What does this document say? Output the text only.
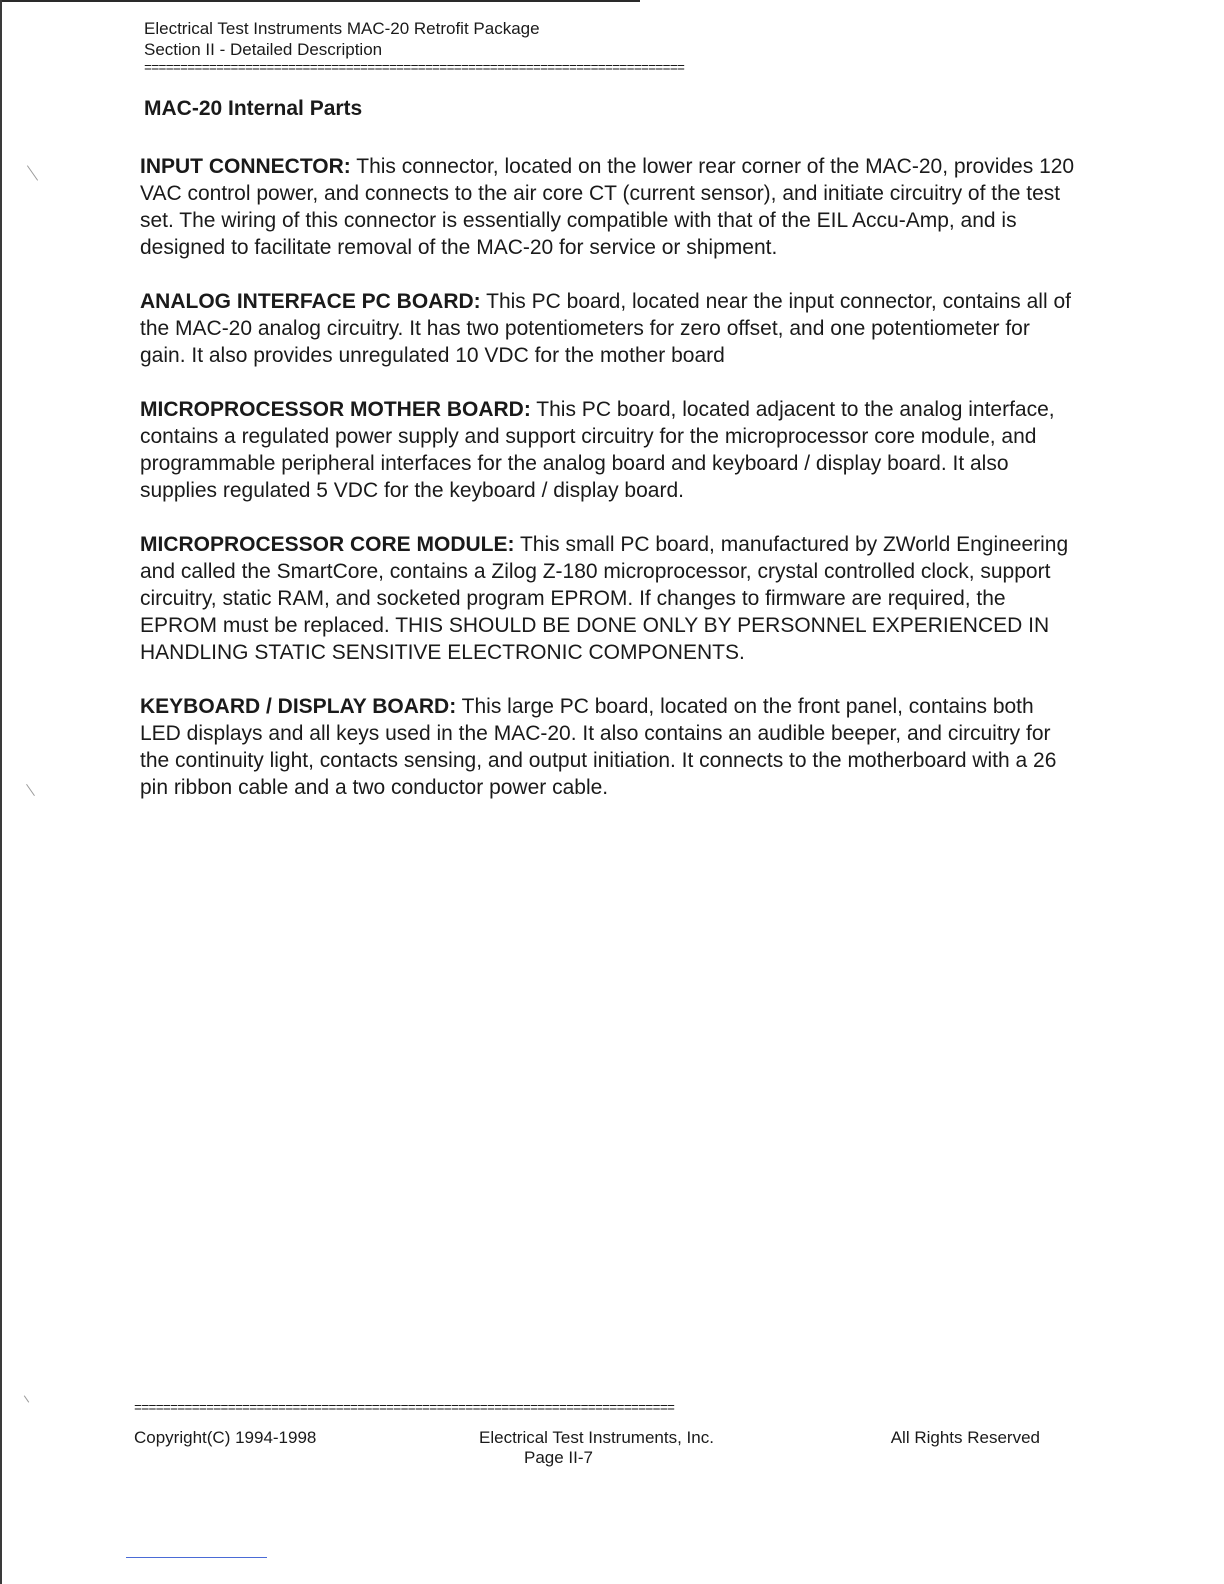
Electrical Test Instruments MAC-20 Retrofit Package
Section II - Detailed Description
===========================================================================
MAC-20 Internal Parts

INPUT CONNECTOR: This connector, located on the lower rear corner of the MAC-20, provides 120 VAC control power, and connects to the air core CT (current sensor), and initiate circuitry of the test set. The wiring of this connector is essentially compatible with that of the EIL Accu-Amp, and is designed to facilitate removal of the MAC-20 for service or shipment.

ANALOG INTERFACE PC BOARD: This PC board, located near the input connector, contains all of the MAC-20 analog circuitry. It has two potentiometers for zero offset, and one potentiometer for gain. It also provides unregulated 10 VDC for the mother board

MICROPROCESSOR MOTHER BOARD: This PC board, located adjacent to the analog interface, contains a regulated power supply and support circuitry for the microprocessor core module, and programmable peripheral interfaces for the analog board and keyboard / display board. It also supplies regulated 5 VDC for the keyboard / display board.

MICROPROCESSOR CORE MODULE: This small PC board, manufactured by ZWorld Engineering and called the SmartCore, contains a Zilog Z-180 microprocessor, crystal controlled clock, support circuitry, static RAM, and socketed program EPROM. If changes to firmware are required, the EPROM must be replaced. THIS SHOULD BE DONE ONLY BY PERSONNEL EXPERIENCED IN HANDLING STATIC SENSITIVE ELECTRONIC COMPONENTS.

KEYBOARD / DISPLAY BOARD: This large PC board, located on the front panel, contains both LED displays and all keys used in the MAC-20. It also contains an audible beeper, and circuitry for the continuity light, contacts sensing, and output initiation. It connects to the motherboard with a 26 pin ribbon cable and a two conductor power cable.

===========================================================================
Copyright(C) 1994-1998	Electrical Test Instruments, Inc.	All Rights Reserved
Page II-7
